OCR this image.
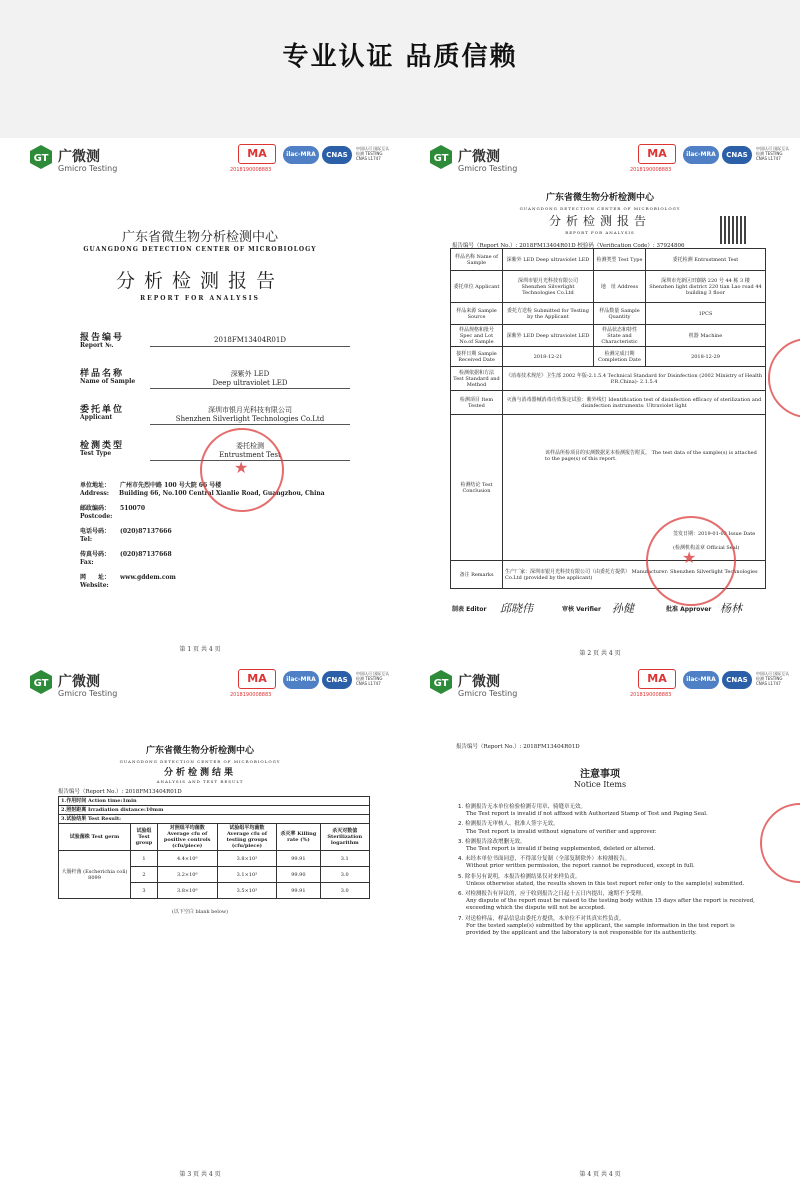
专业认证 品质信赖
GT 广微测
Gmicro Testing
MA
2018190008883
ilac-MRA	CNAS
中国认可 国际互认 检测 TESTING CNAS L1747
广东省微生物分析检测中心
GUANGDONG DETECTION CENTER OF MICROBIOLOGY
分析检测报告
REPORT FOR ANALYSIS
报告编号
Report №.
2018FM13404R01D
样品名称
Name of Sample
深紫外 LED
Deep ultraviolet LED
委托单位
Applicant
深圳市银月光科技有限公司
Shenzhen Silverlight Technologies Co.Ltd
检测类型
Test Type
委托检测
Entrustment Test
单位地址： 广州市先烈中路 100 号大院 66 号楼
Address: Building 66, No.100 Central Xianlie Road, Guangzhou, China
邮政编码： 510070
Postcode:
电话号码： (020)87137666
Tel:
传真号码： (020)87137668
Fax:
网　　址： www.gddem.com
Website:
★
第 1 页 共 4 页
GT 广微测
Gmicro Testing
MA
2018190008883
ilac-MRA	CNAS
中国认可 国际互认 检测 TESTING CNAS L1747
广东省微生物分析检测中心
GUANGDONG DETECTION CENTER OF MICROBIOLOGY
分析检测报告
REPORT FOR ANALYSIS
报告编号（Report No.）: 2018FM13404R01D 校验码（Verification Code）: 37924806
样品名称 Name of Sample	深紫外 LED Deep ultraviolet LED	检测类型 Test Type	委托检测 Entrustment Test
委托单位 Applicant	深圳市银月光科技有限公司 Shenzhen Silverlight Technologies Co.Ltd	地　址 Address	深圳市光新区田寮路 220 号 44 栋 3 楼 Shenzhen light district 220 tian Lao road 44 building 3 floor
样品来源 Sample Source	委托方送检 Submitted for Testing by the Applicant	样品数量 Sample Quantity	1PCS
样品规格和批号 Spec and Lot No.of Sample	深紫外 LED Deep ultraviolet LED	样品状态和特性 State and Characteristic	机器 Machine
接样日期 Sample Received Date	2018-12-21	检测完成日期 Completion Date	2018-12-29
检测依据和方法 Test Standard and Method	《消毒技术规范》卫生部 2002 年版-2.1.5.4 Technical Standard for Disinfection (2002 Ministry of Health P.R.China)- 2.1.5.4		
检测项目 Item Tested	灭菌与消毒器械消毒功效鉴定试验：紫外线灯 Identification test of disinfection efficacy of sterilization and disinfection instruments: Ultraviolet light		
检测结论 Test Conclusion	该样品所检项目的实测数据见本检测报告附页。 The test data of the sample(s) is attached to the page(s) of this report.
签发日期：2019-01-03 Issue Date
(检测机构盖章 Official Seal)		

备注 Remarks	生产厂家：深圳市银月光科技有限公司（由委托方提供） Manufacturer: Shenzhen Silverlight Technologies Co.Ltd (provided by the applicant)		
★
制表 Editor 邱晓伟	审核 Verifier 孙健	批准 Approver 杨林
第 2 页 共 4 页
GT 广微测
Gmicro Testing
MA
2018190008883
ilac-MRA	CNAS
中国认可 国际互认 检测 TESTING CNAS L1747
广东省微生物分析检测中心
GUANGDONG DETECTION CENTER OF MICROBIOLOGY
分析检测结果
ANALYSIS AND TEST RESULT
报告编号（Report No.）: 2018FM13404R01D
1.作用时间 Action time:1min					
2.照射距离 Irradiation distance:10mm					
3.试验结果 Test Result:					
试验菌株 Test germ	试验组 Test group	对照组平均菌数 Average cfu of positive controls (cfu/piece)	试验组平均菌数 Average cfu of testing groups (cfu/piece)	杀灭率 Killing rate (%)	杀灭对数值 Sterilization logarithm
大肠杆菌 (Escherichia coli) 8099	1	4.4×10⁶	3.8×10³	99.91	3.1
	2	3.2×10⁶	3.1×10³	99.90	3.0
	3	3.8×10⁶	3.5×10³	99.91	3.0
(以下空白 blank below)
第 3 页 共 4 页
GT 广微测
Gmicro Testing
MA
2018190008883
ilac-MRA	CNAS
中国认可 国际互认 检测 TESTING CNAS L1747
报告编号（Report No.）: 2018FM13404R01D
注意事项
Notice Items
1. 检测报告无本单位检验检测专用章、骑缝章无效。
The Test report is invalid if not affixed with Authorized Stamp of Test and Paging Seal.
2. 检测报告无审核人、批准人签字无效。
The Test report is invalid without signature of verifier and approver.
3. 检测报告涂改增删无效。
The Test report is invalid if being supplemented, deleted or altered.
4. 未经本单位书面同意，不得部分复制（全部复制除外）本检测报告。
Without prior written permission, the report cannot be reproduced, except in full.
5. 除非另有说明，本报告检测结果仅对来样负责。
Unless otherwise stated, the results shown in this test report refer only to the sample(s) submitted.
6. 对检测报告有异议的，应于收到报告之日起十五日内提出，逾期不予受理。
Any dispute of the report must be raised to the testing body within 15 days after the report is received, exceeding which the dispute will not be accepted.
7. 对送检样品，样品信息由委托方提供，本单位不对其真实性负责。
For the tested sample(s) submitted by the applicant, the sample information in the test report is provided by the applicant and the laboratory is not responsible for its authenticity.
第 4 页 共 4 页
